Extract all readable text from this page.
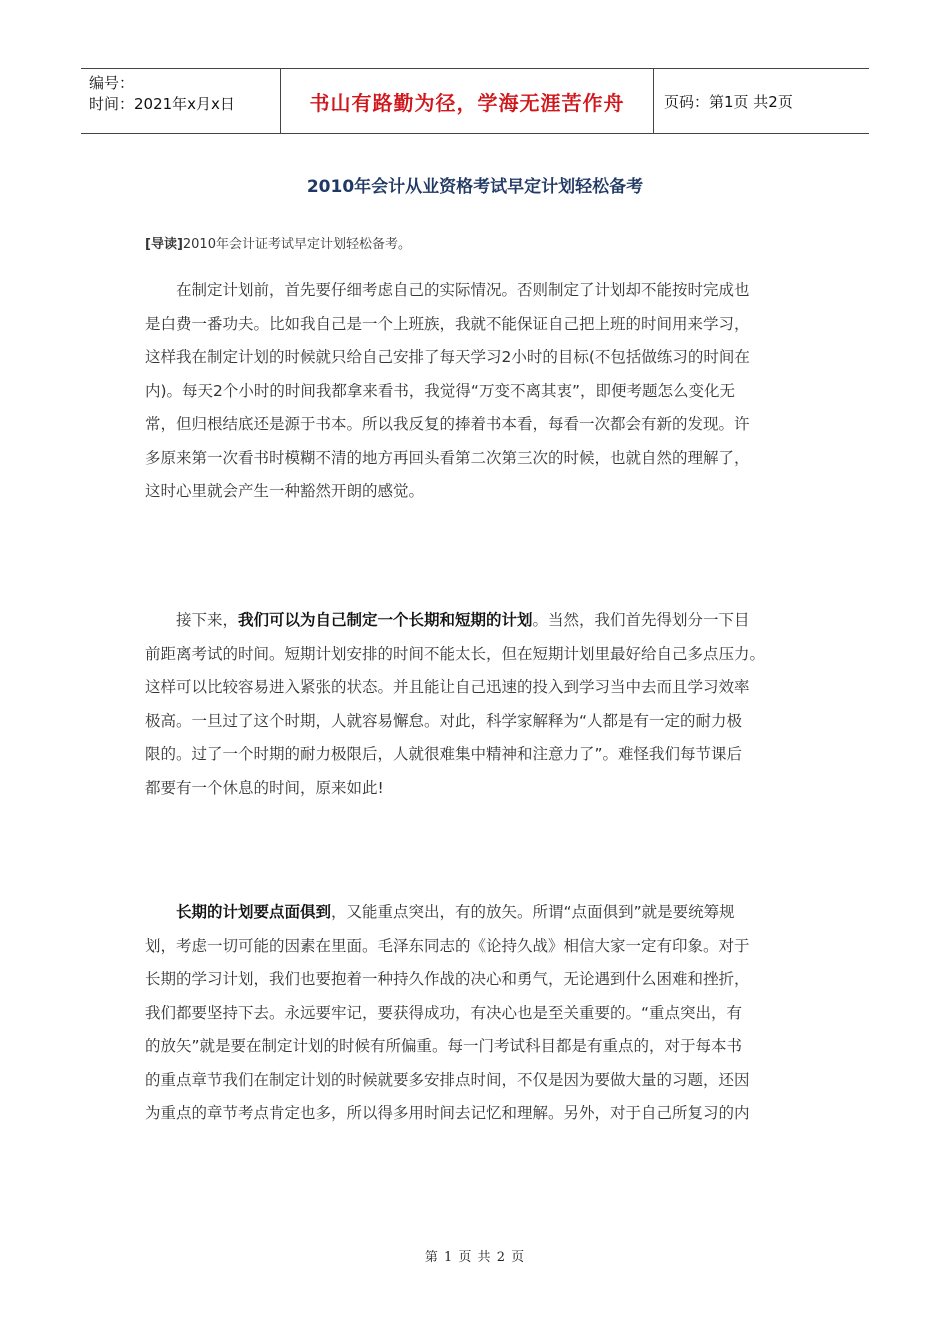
编号：
时间：2021年x月x日	书山有路勤为径，学海无涯苦作舟	页码：第1页 共2页
2010年会计从业资格考试早定计划轻松备考
[导读]2010年会计证考试早定计划轻松备考。
　　在制定计划前，首先要仔细考虑自己的实际情况。否则制定了计划却不能按时完成也
是白费一番功夫。比如我自己是一个上班族，我就不能保证自己把上班的时间用来学习，
这样我在制定计划的时候就只给自己安排了每天学习2小时的目标(不包括做练习的时间在
内)。每天2个小时的时间我都拿来看书，我觉得“万变不离其衷”，即便考题怎么变化无
常，但归根结底还是源于书本。所以我反复的捧着书本看，每看一次都会有新的发现。许
多原来第一次看书时模糊不清的地方再回头看第二次第三次的时候，也就自然的理解了，
这时心里就会产生一种豁然开朗的感觉。
　　接下来，我们可以为自己制定一个长期和短期的计划。当然，我们首先得划分一下目
前距离考试的时间。短期计划安排的时间不能太长，但在短期计划里最好给自己多点压力。
这样可以比较容易进入紧张的状态。并且能让自己迅速的投入到学习当中去而且学习效率
极高。一旦过了这个时期，人就容易懈怠。对此，科学家解释为“人都是有一定的耐力极
限的。过了一个时期的耐力极限后，人就很难集中精神和注意力了”。难怪我们每节课后
都要有一个休息的时间，原来如此!
　　长期的计划要点面俱到，又能重点突出，有的放矢。所谓“点面俱到”就是要统筹规
划，考虑一切可能的因素在里面。毛泽东同志的《论持久战》相信大家一定有印象。对于
长期的学习计划，我们也要抱着一种持久作战的决心和勇气，无论遇到什么困难和挫折，
我们都要坚持下去。永远要牢记，要获得成功，有决心也是至关重要的。“重点突出，有
的放矢”就是要在制定计划的时候有所偏重。每一门考试科目都是有重点的，对于每本书
的重点章节我们在制定计划的时候就要多安排点时间，不仅是因为要做大量的习题，还因
为重点的章节考点肯定也多，所以得多用时间去记忆和理解。另外，对于自己所复习的内
第 1 页 共 2 页
